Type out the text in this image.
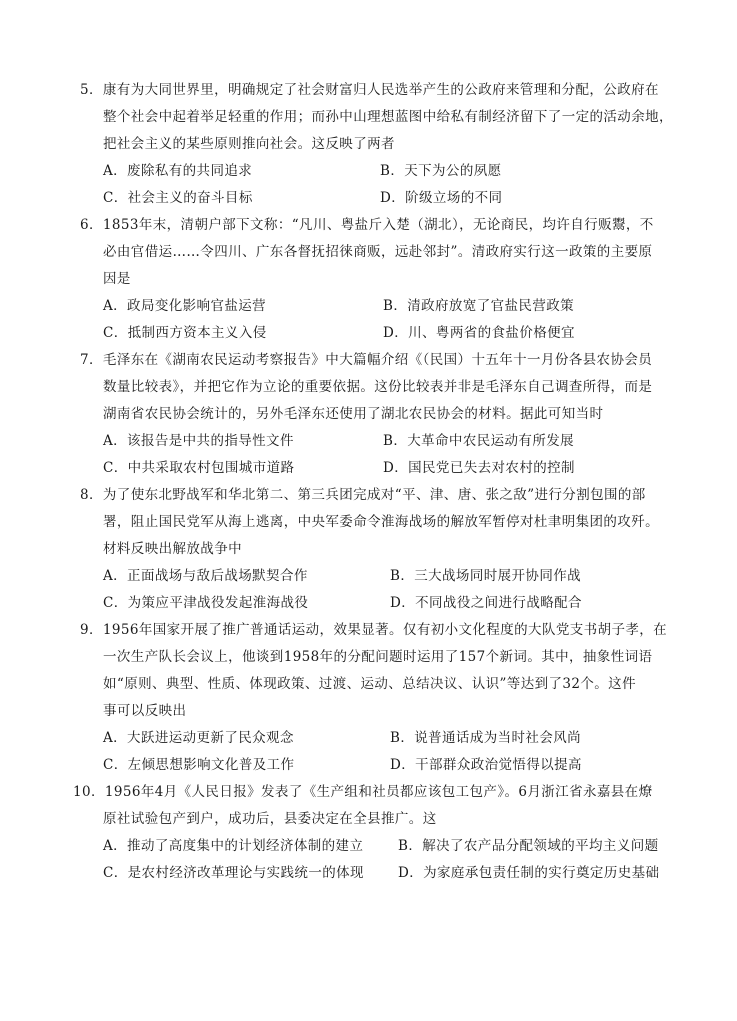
5．康有为大同世界里，明确规定了社会财富归人民选举产生的公政府来管理和分配，公政府在
整个社会中起着举足轻重的作用；而孙中山理想蓝图中给私有制经济留下了一定的活动余地，
把社会主义的某些原则推向社会。这反映了两者
A．废除私有的共同追求	B．天下为公的夙愿
C．社会主义的奋斗目标	D．阶级立场的不同
6．1853年末，清朝户部下文称：“凡川、粤盐斤入楚（湖北），无论商民，均许自行贩鬻，不
必由官借运……令四川、广东各督抚招徕商贩，远赴邻封”。清政府实行这一政策的主要原
因是
A．政局变化影响官盐运营	B．清政府放宽了官盐民营政策
C．抵制西方资本主义入侵	D．川、粤两省的食盐价格便宜
7．毛泽东在《湖南农民运动考察报告》中大篇幅介绍《（民国）十五年十一月份各县农协会员
数量比较表》，并把它作为立论的重要依据。这份比较表并非是毛泽东自己调查所得，而是
湖南省农民协会统计的，另外毛泽东还使用了湖北农民协会的材料。据此可知当时
A．该报告是中共的指导性文件	B．大革命中农民运动有所发展
C．中共采取农村包围城市道路	D．国民党已失去对农村的控制
8．为了使东北野战军和华北第二、第三兵团完成对“平、津、唐、张之敌”进行分割包围的部
署，阻止国民党军从海上逃离，中央军委命令淮海战场的解放军暂停对杜聿明集团的攻歼。
材料反映出解放战争中
A．正面战场与敌后战场默契合作	B．三大战场同时展开协同作战
C．为策应平津战役发起淮海战役	D．不同战役之间进行战略配合
9．1956年国家开展了推广普通话运动，效果显著。仅有初小文化程度的大队党支书胡子孝，在
一次生产队长会议上，他谈到1958年的分配问题时运用了157个新词。其中，抽象性词语
如“原则、典型、性质、体现政策、过渡、运动、总结决议、认识”等达到了32个。这件
事可以反映出
A．大跃进运动更新了民众观念	B．说普通话成为当时社会风尚
C．左倾思想影响文化普及工作	D．干部群众政治觉悟得以提高
10．1956年4月《人民日报》发表了《生产组和社员都应该包工包产》。6月浙江省永嘉县在燎
原社试验包产到户，成功后，县委决定在全县推广。这
A．推动了高度集中的计划经济体制的建立	B．解决了农产品分配领域的平均主义问题
C．是农村经济改革理论与实践统一的体现	D．为家庭承包责任制的实行奠定历史基础
